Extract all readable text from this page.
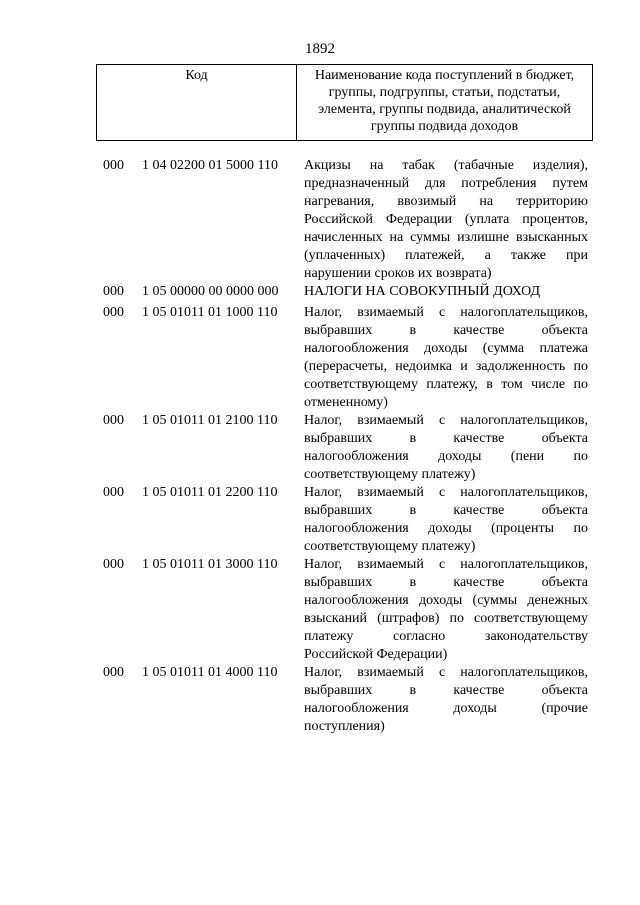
1892
Код	Наименование кода поступлений в бюджет,
группы, подгруппы, статьи, подстатьи,
элемента, группы подвида, аналитической
группы подвида доходов
000 1 04 02200 01 5000 110 Акцизы на табак (табачные изделия),
предназначенный для потребления путем
нагревания, ввозимый на территорию
Российской Федерации (уплата процентов,
начисленных на суммы излишне взысканных
(уплаченных) платежей, а также при
нарушении сроков их возврата)
000 1 05 00000 00 0000 000 НАЛОГИ НА СОВОКУПНЫЙ ДОХОД
000 1 05 01011 01 1000 110 Налог, взимаемый с налогоплательщиков,
выбравших в качестве объекта
налогообложения доходы (сумма платежа
(перерасчеты, недоимка и задолженность по
соответствующему платежу, в том числе по
отмененному)
000 1 05 01011 01 2100 110 Налог, взимаемый с налогоплательщиков,
выбравших в качестве объекта
налогообложения доходы (пени по
соответствующему платежу)
000 1 05 01011 01 2200 110 Налог, взимаемый с налогоплательщиков,
выбравших в качестве объекта
налогообложения доходы (проценты по
соответствующему платежу)
000 1 05 01011 01 3000 110 Налог, взимаемый с налогоплательщиков,
выбравших в качестве объекта
налогообложения доходы (суммы денежных
взысканий (штрафов) по соответствующему
платежу согласно законодательству
Российской Федерации)
000 1 05 01011 01 4000 110 Налог, взимаемый с налогоплательщиков,
выбравших в качестве объекта
налогообложения доходы (прочие
поступления)
